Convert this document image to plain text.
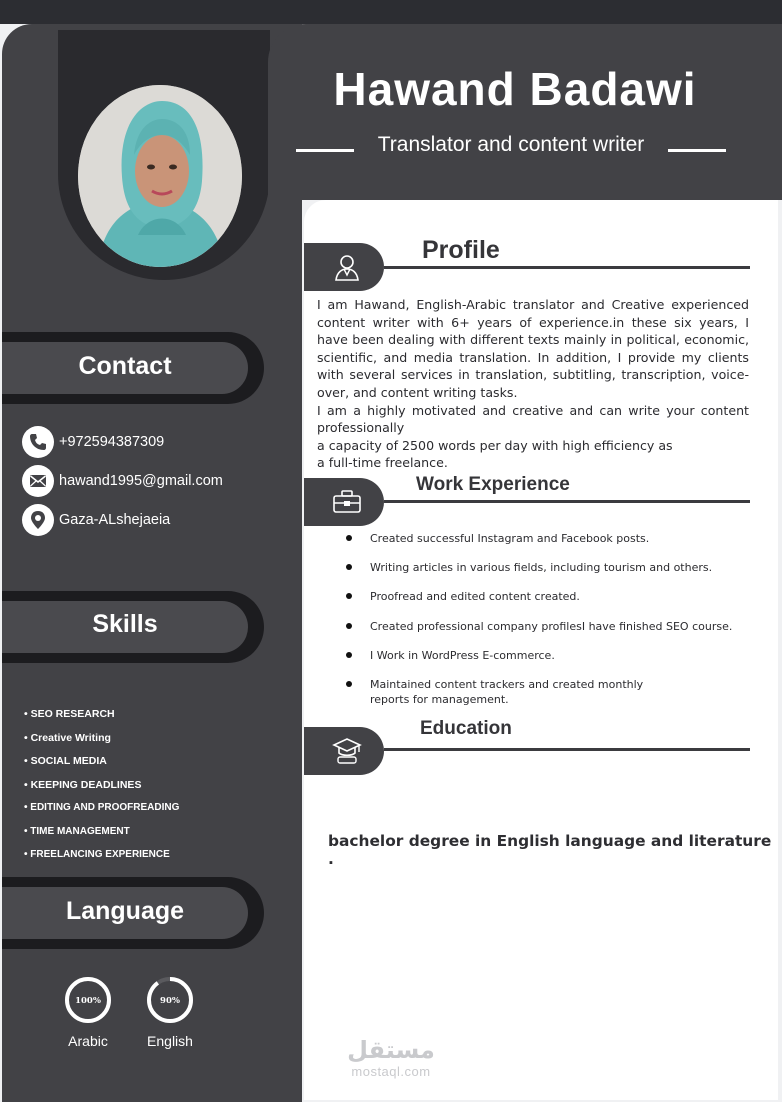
Hawand Badawi
Translator and content writer
Profile

I am Hawand, English-Arabic translator and Creative experienced content writer with 6+ years of experience.in these six years, I have been dealing with different texts mainly in political, economic, scientific, and media translation. In addition, I provide my clients with several services in translation, subtitling, transcription, voice-over, and content writing tasks.

I am a highly motivated and creative and can write your content professionally

a capacity of 2500 words per day with high efficiency as

a full-time freelance.

Work Experience
Created successful Instagram and Facebook posts.
Writing articles in various fields, including tourism and others.
Proofread and edited content created.
Created professional company profilesI have finished SEO course.
I Work in WordPress E-commerce.
Maintained content trackers and created monthly
reports for management.
Education
bachelor degree in English language and literature .
Contact
+972594387309
hawand1995@gmail.com
Gaza-ALshejaeia
Skills
• SEO RESEARCH
• Creative Writing
• SOCIAL MEDIA
• KEEPING DEADLINES
• EDITING AND PROOFREADING
• TIME MANAGEMENT
• FREELANCING EXPERIENCE
Language
100%
Arabic
90%
English	مستقل
mostaql.com
